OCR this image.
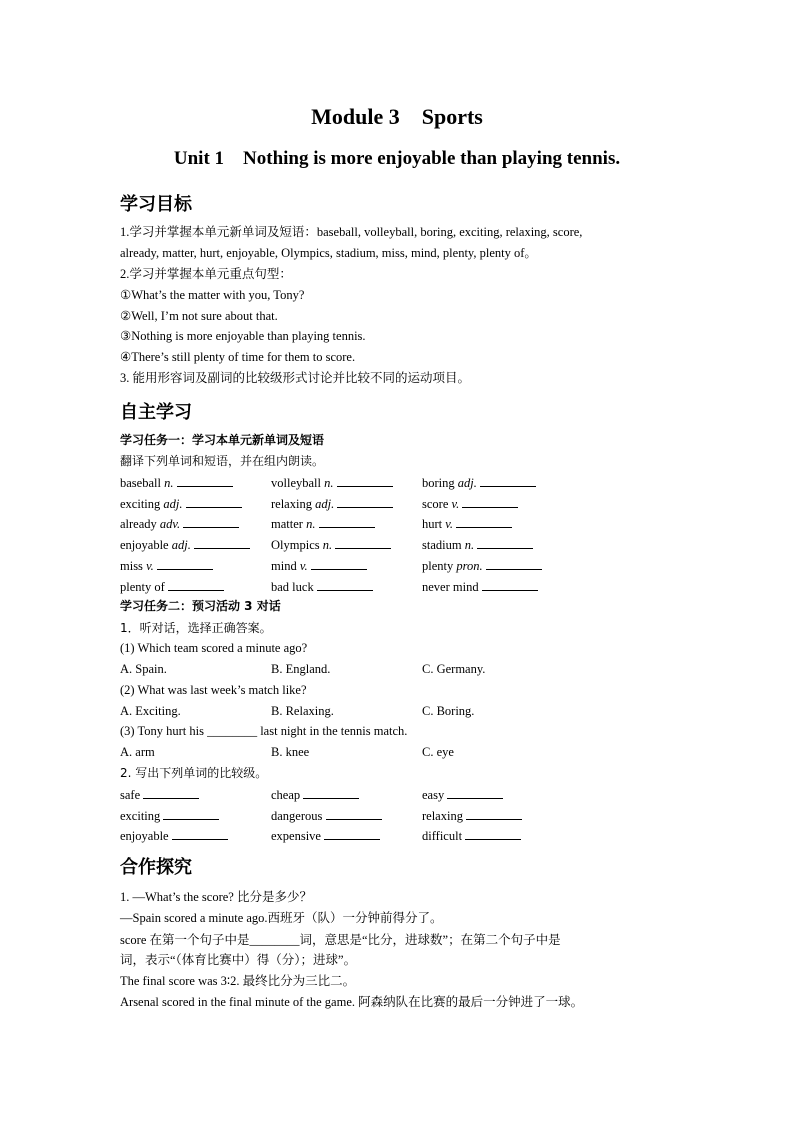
Module 3    Sports
Unit 1    Nothing is more enjoyable than playing tennis.
学习目标
1.学习并掌握本单元新单词及短语：baseball, volleyball, boring, exciting, relaxing, score,
already, matter, hurt, enjoyable, Olympics, stadium, miss, mind, plenty, plenty of。
2.学习并掌握本单元重点句型：
①What’s the matter with you, Tony?
②Well, I’m not sure about that.
③Nothing is more enjoyable than playing tennis.
④There’s still plenty of time for them to score.
3. 能用形容词及副词的比较级形式讨论并比较不同的运动项目。
自主学习
学习任务一：学习本单元新单词及短语
翻译下列单词和短语，并在组内朗读。
baseball n.	volleyball n.	boring adj.
exciting adj.	relaxing adj.	score v.
already adv.	matter n.	hurt v.
enjoyable adj.	Olympics n.	stadium n.
miss v.	mind v.	plenty pron.
plenty of	bad luck	never mind
学习任务二：预习活动 3 对话
1．听对话，选择正确答案。
(1) Which team scored a minute ago?
A. Spain.	B. England.	C. Germany.
(2) What was last week’s match like?
A. Exciting.	B. Relaxing.	C. Boring.
(3) Tony hurt his ________ last night in the tennis match.
A. arm	B. knee	C. eye
2. 写出下列单词的比较级。
safe	cheap	easy
exciting	dangerous	relaxing
enjoyable	expensive	difficult
合作探究
1. —What’s the score? 比分是多少？
—Spain scored a minute ago.西班牙（队）一分钟前得分了。
score 在第一个句子中是________词，意思是“比分，进球数”；在第二个句子中是
词，表示“（体育比赛中）得（分）；进球”。
The final score was 3∶2. 最终比分为三比二。
Arsenal scored in the final minute of the game. 阿森纳队在比赛的最后一分钟进了一球。
